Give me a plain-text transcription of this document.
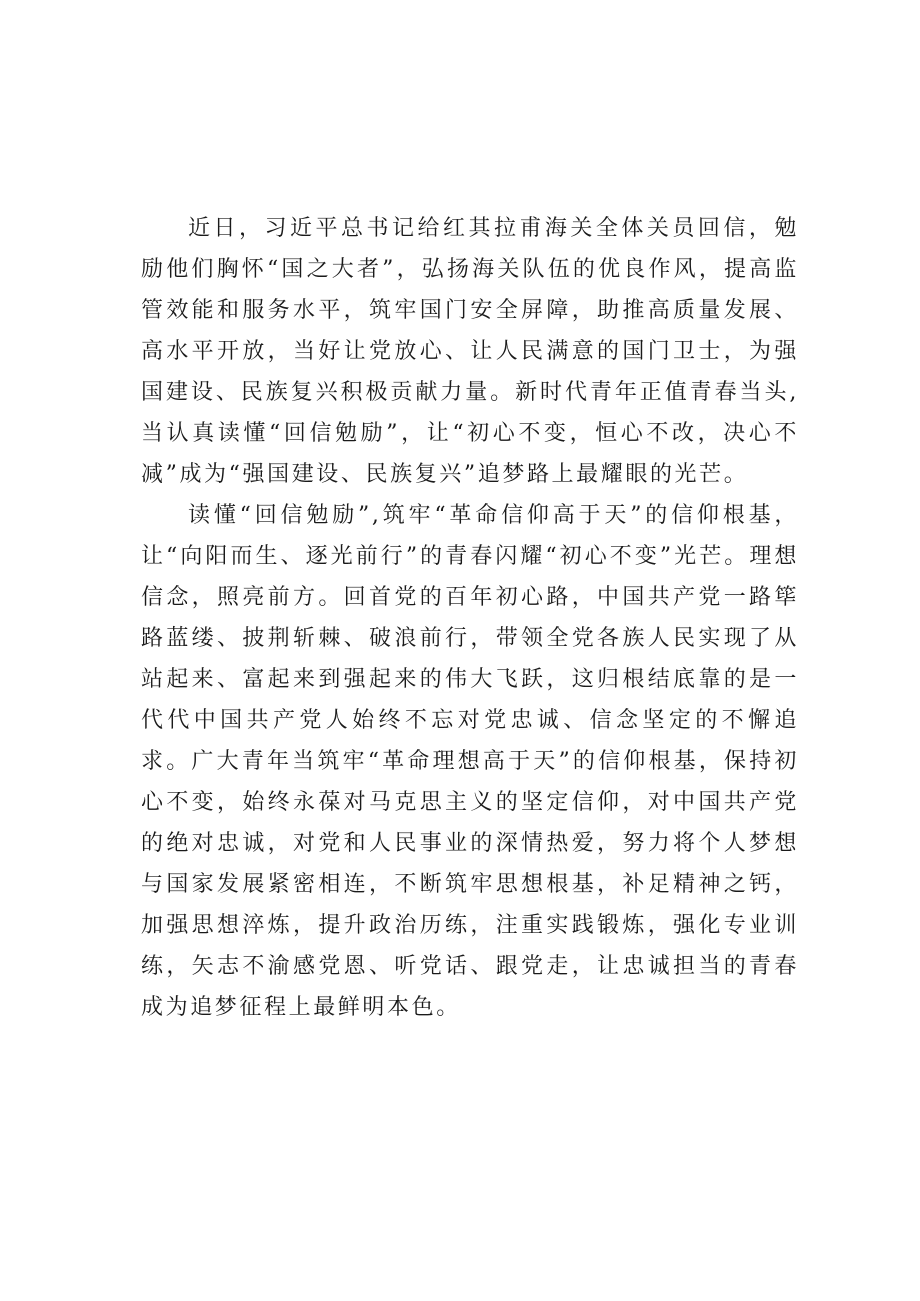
近日，习近平总书记给红其拉甫海关全体关员回信，勉励他们胸怀“国之大者”，弘扬海关队伍的优良作风，提高监管效能和服务水平，筑牢国门安全屏障，助推高质量发展、高水平开放，当好让党放心、让人民满意的国门卫士，为强国建设、民族复兴积极贡献力量。新时代青年正值青春当头,当认真读懂“回信勉励”，让“初心不变，恒心不改，决心不减”成为“强国建设、民族复兴”追梦路上最耀眼的光芒。

读懂“回信勉励”,筑牢“革命信仰高于天”的信仰根基，让“向阳而生、逐光前行”的青春闪耀“初心不变”光芒。理想信念，照亮前方。回首党的百年初心路，中国共产党一路筚路蓝缕、披荆斩棘、破浪前行，带领全党各族人民实现了从站起来、富起来到强起来的伟大飞跃，这归根结底靠的是一代代中国共产党人始终不忘对党忠诚、信念坚定的不懈追求。广大青年当筑牢“革命理想高于天”的信仰根基，保持初心不变，始终永葆对马克思主义的坚定信仰，对中国共产党的绝对忠诚，对党和人民事业的深情热爱，努力将个人梦想与国家发展紧密相连，不断筑牢思想根基，补足精神之钙，加强思想淬炼，提升政治历练，注重实践锻炼，强化专业训练，矢志不渝感党恩、听党话、跟党走，让忠诚担当的青春成为追梦征程上最鲜明本色。
